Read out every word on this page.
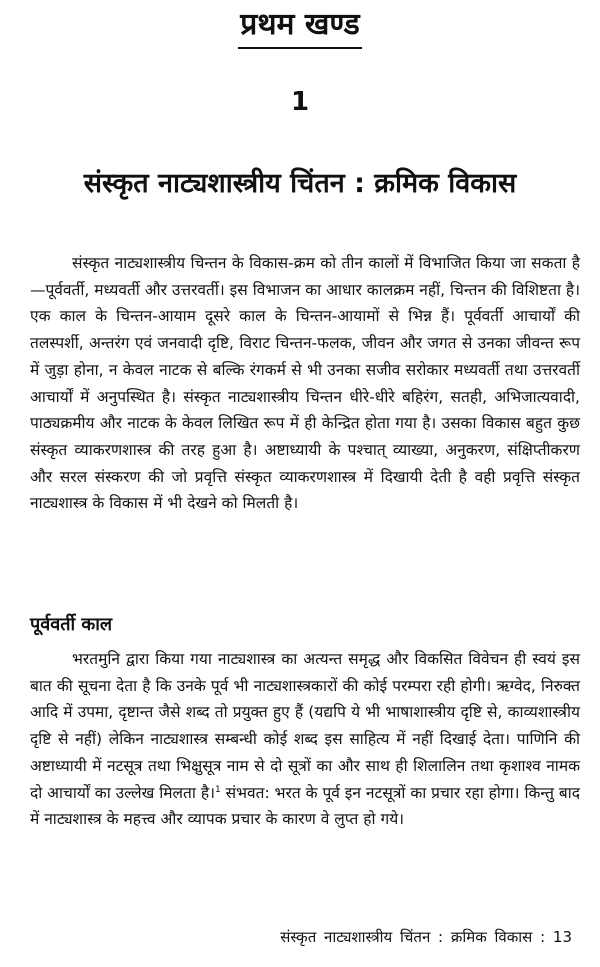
प्रथम खण्ड
1
संस्कृत नाट्यशास्त्रीय चिंतन : क्रमिक विकास

संस्कृत नाट्यशास्त्रीय चिन्तन के विकास-क्रम को तीन कालों में विभाजित किया जा सकता है—पूर्ववर्ती, मध्यवर्ती और उत्तरवर्ती। इस विभाजन का आधार कालक्रम नहीं, चिन्तन की विशिष्टता है। एक काल के चिन्तन-आयाम दूसरे काल के चिन्तन-आयामों से भिन्न हैं। पूर्ववर्ती आचार्यों की तलस्पर्शी, अन्तरंग एवं जनवादी दृष्टि, विराट चिन्तन-फलक, जीवन और जगत से उनका जीवन्त रूप में जुड़ा होना, न केवल नाटक से बल्कि रंगकर्म से भी उनका सजीव सरोकार मध्यवर्ती तथा उत्तरवर्ती आचार्यों में अनुपस्थित है। संस्कृत नाट्यशास्त्रीय चिन्तन धीरे-धीरे बहिरंग, सतही, अभिजात्यवादी, पाठ्यक्रमीय और नाटक के केवल लिखित रूप में ही केन्द्रित होता गया है। उसका विकास बहुत कुछ संस्कृत व्याकरणशास्त्र की तरह हुआ है। अष्टाध्यायी के पश्चात् व्याख्या, अनुकरण, संक्षिप्तीकरण और सरल संस्करण की जो प्रवृत्ति संस्कृत व्याकरणशास्त्र में दिखायी देती है वही प्रवृत्ति संस्कृत नाट्यशास्त्र के विकास में भी देखने को मिलती है।

पूर्ववर्ती काल

भरतमुनि द्वारा किया गया नाट्यशास्त्र का अत्यन्त समृद्ध और विकसित विवेचन ही स्वयं इस बात की सूचना देता है कि उनके पूर्व भी नाट्यशास्त्रकारों की कोई परम्परा रही होगी। ऋग्वेद, निरुक्त आदि में उपमा, दृष्टान्त जैसे शब्द तो प्रयुक्त हुए हैं (यद्यपि ये भी भाषाशास्त्रीय दृष्टि से, काव्यशास्त्रीय दृष्टि से नहीं) लेकिन नाट्यशास्त्र सम्बन्धी कोई शब्द इस साहित्य में नहीं दिखाई देता। पाणिनि की अष्टाध्यायी में नटसूत्र तथा भिक्षुसूत्र नाम से दो सूत्रों का और साथ ही शिलालिन तथा कृशाश्व नामक दो आचार्यों का उल्लेख मिलता है।$^1$ संभवत: भरत के पूर्व इन नटसूत्रों का प्रचार रहा होगा। किन्तु बाद में नाट्यशास्त्र के महत्त्व और व्यापक प्रचार के कारण वे लुप्त हो गये।

संस्कृत नाट्यशास्त्रीय चिंतन : क्रमिक विकास : 13
